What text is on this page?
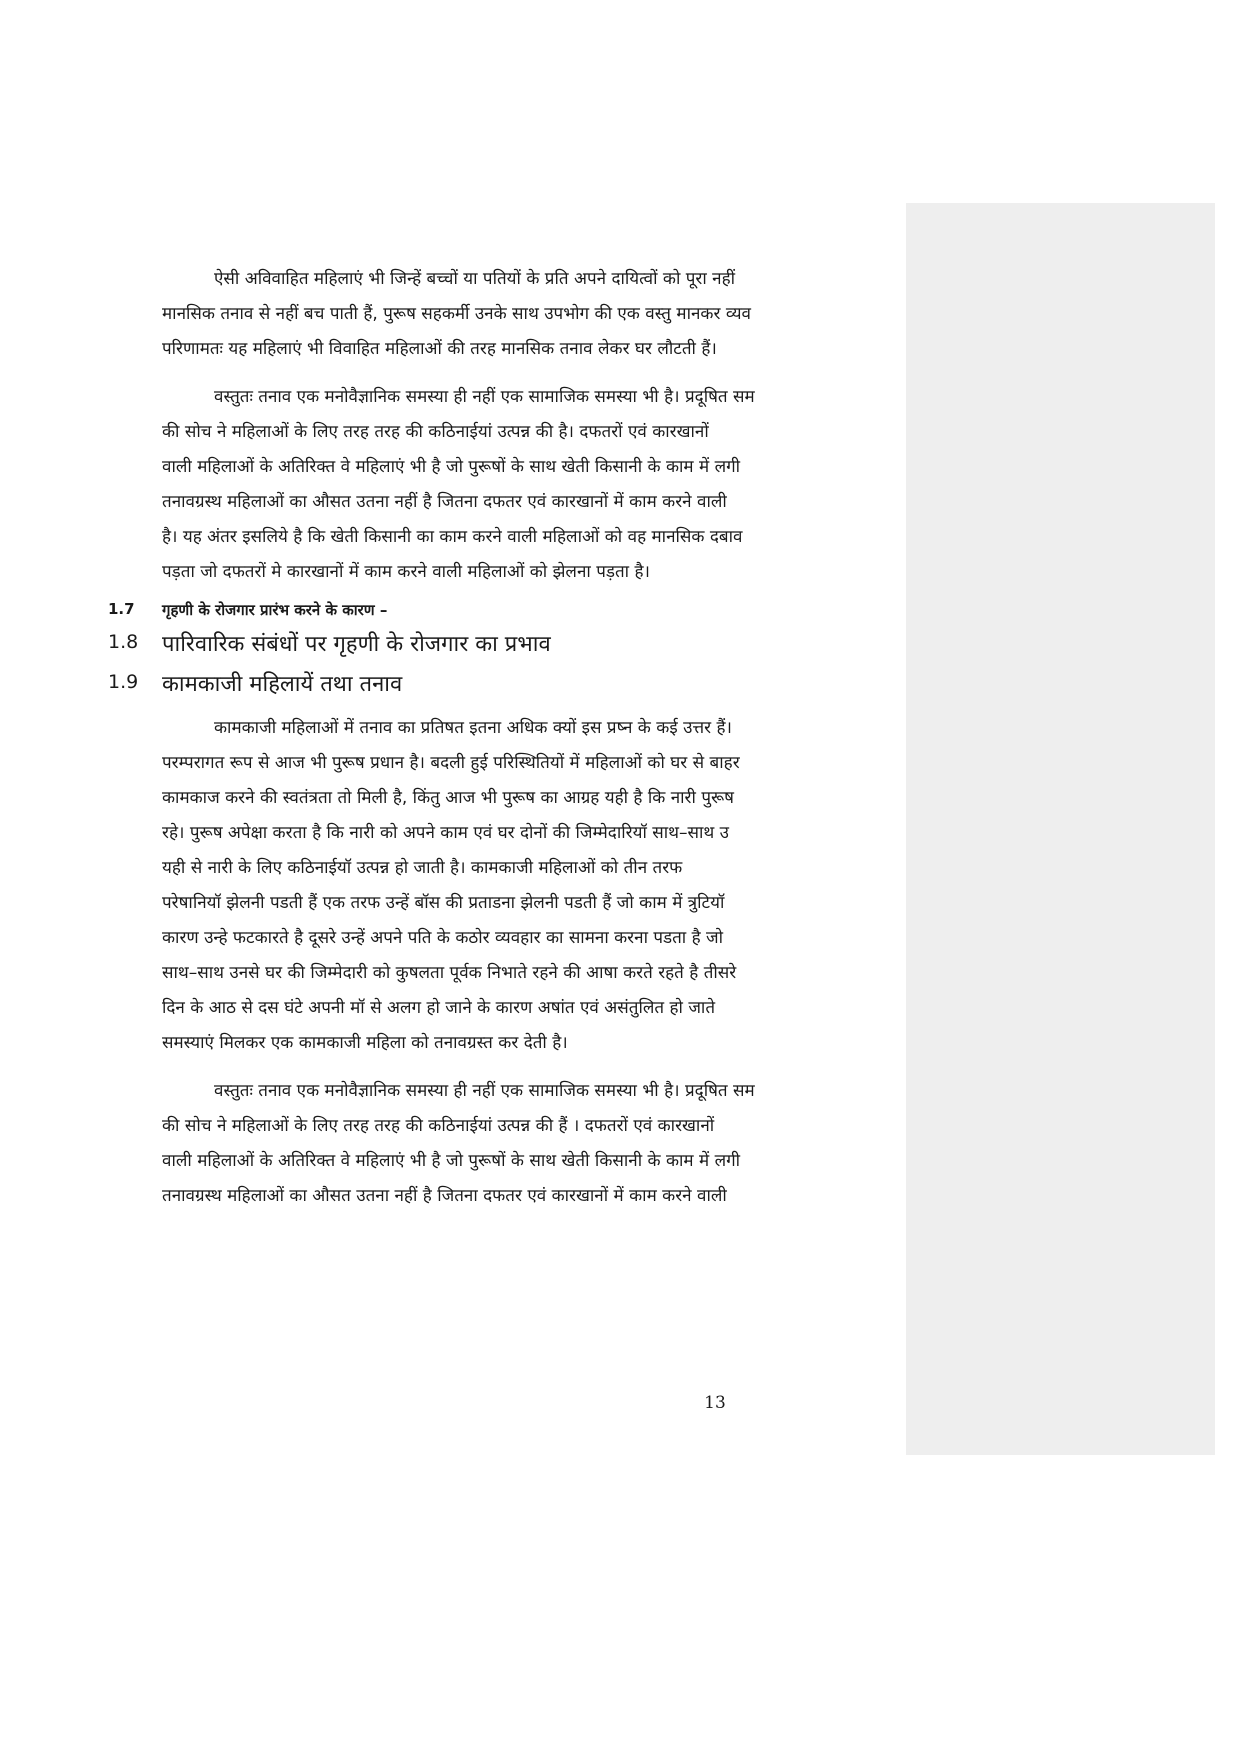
ऐसी अविवाहित महिलाएं भी जिन्हें बच्चों या पतियों के प्रति अपने दायित्वों को पूरा नहीं
मानसिक तनाव से नहीं बच पाती हैं, पुरूष सहकर्मी उनके साथ उपभोग की एक वस्तु मानकर व्यव
परिणामतः यह महिलाएं भी विवाहित महिलाओं की तरह मानसिक तनाव लेकर घर लौटती हैं।
वस्तुतः तनाव एक मनोवैज्ञानिक समस्या ही नहीं एक सामाजिक समस्या भी है। प्रदूषित सम
की सोच ने महिलाओं के लिए तरह तरह की कठिनाईयां उत्पन्न की है। दफतरों एवं कारखानों
वाली महिलाओं के अतिरिक्त वे महिलाएं भी है जो पुरूषों के साथ खेती किसानी के काम में लगी
तनावग्रस्थ महिलाओं का औसत उतना नहीं है जितना दफतर एवं कारखानों में काम करने वाली
है। यह अंतर इसलिये है कि खेती किसानी का काम करने वाली महिलाओं को वह मानसिक दबाव
पड़ता जो दफतरों मे कारखानों में काम करने वाली महिलाओं को झेलना पड़ता है।
1.7 गृहणी के रोजगार प्रारंभ करने के कारण –
1.8 पारिवारिक संबंधों पर गृहणी के रोजगार का प्रभाव
1.9 कामकाजी महिलायें तथा तनाव
कामकाजी महिलाओं में तनाव का प्रतिषत इतना अधिक क्यों इस प्रष्न के कई उत्तर हैं।
परम्परागत रूप से आज भी पुरूष प्रधान है। बदली हुई परिस्थितियों में महिलाओं को घर से बाहर
कामकाज करने की स्वतंत्रता तो मिली है, किंतु आज भी पुरूष का आग्रह यही है कि नारी पुरूष
रहे। पुरूष अपेक्षा करता है कि नारी को अपने काम एवं घर दोनों की जिम्मेदारियॉ साथ–साथ उ
यही से नारी के लिए कठिनाईयॉ उत्पन्न हो जाती है। कामकाजी महिलाओं को तीन तरफ
परेषानियॉ झेलनी पडती हैं एक तरफ उन्हें बॉस की प्रताडना झेलनी पडती हैं जो काम में त्रुटियॉ
कारण उन्हे फटकारते है दूसरे उन्हें अपने पति के कठोर व्यवहार का सामना करना पडता है जो
साथ–साथ उनसे घर की जिम्मेदारी को कुषलता पूर्वक निभाते रहने की आषा करते रहते है तीसरे
दिन के आठ से दस घंटे अपनी मॉ से अलग हो जाने के कारण अषांत एवं असंतुलित हो जाते
समस्याएं मिलकर एक कामकाजी महिला को तनावग्रस्त कर देती है।
वस्तुतः तनाव एक मनोवैज्ञानिक समस्या ही नहीं एक सामाजिक समस्या भी है। प्रदूषित सम
की सोच ने महिलाओं के लिए तरह तरह की कठिनाईयां उत्पन्न की हैं । दफतरों एवं कारखानों
वाली महिलाओं के अतिरिक्त वे महिलाएं भी है जो पुरूषों के साथ खेती किसानी के काम में लगी
तनावग्रस्थ महिलाओं का औसत उतना नहीं है जितना दफतर एवं कारखानों में काम करने वाली
13
